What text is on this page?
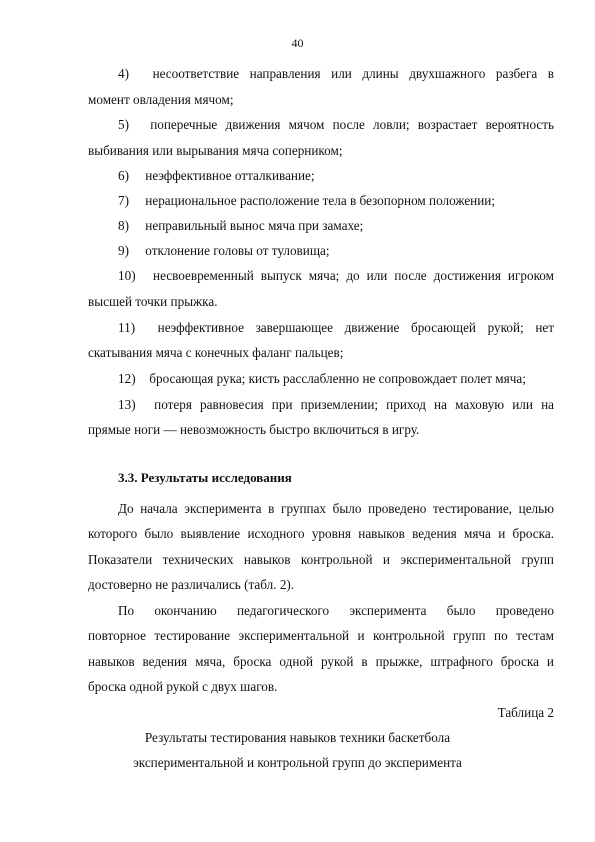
40
4) несоответствие направления или длины двухшажного разбега в
момент овладения мячом;
5) поперечные движения мячом после ловли; возрастает вероятность
выбивания или вырывания мяча соперником;
6) неэффективное отталкивание;
7) нерациональное расположение тела в безопорном положении;
8) неправильный вынос мяча при замахе;
9) отклонение головы от туловища;
10) несвоевременный выпуск мяча; до или после достижения игроком
высшей точки прыжка.
11) неэффективное завершающее движение бросающей рукой; нет
скатывания мяча с конечных фаланг пальцев;
12) бросающая рука; кисть расслабленно не сопровождает полет мяча;
13) потеря равновесия при приземлении; приход на маховую или на
прямые ноги — невозможность быстро включиться в игру.
3.3. Результаты исследования
До начала эксперимента в группах было проведено тестирование, целью
которого было выявление исходного уровня навыков ведения мяча и броска.
Показатели технических навыков контрольной и экспериментальной групп
достоверно не различались (табл. 2).
По окончанию педагогического эксперимента было проведено
повторное тестирование экспериментальной и контрольной групп по тестам
навыков ведения мяча, броска одной рукой в прыжке, штрафного броска и
броска одной рукой с двух шагов.
Таблица 2
Результаты тестирования навыков техники баскетбола
экспериментальной и контрольной групп до эксперимента
